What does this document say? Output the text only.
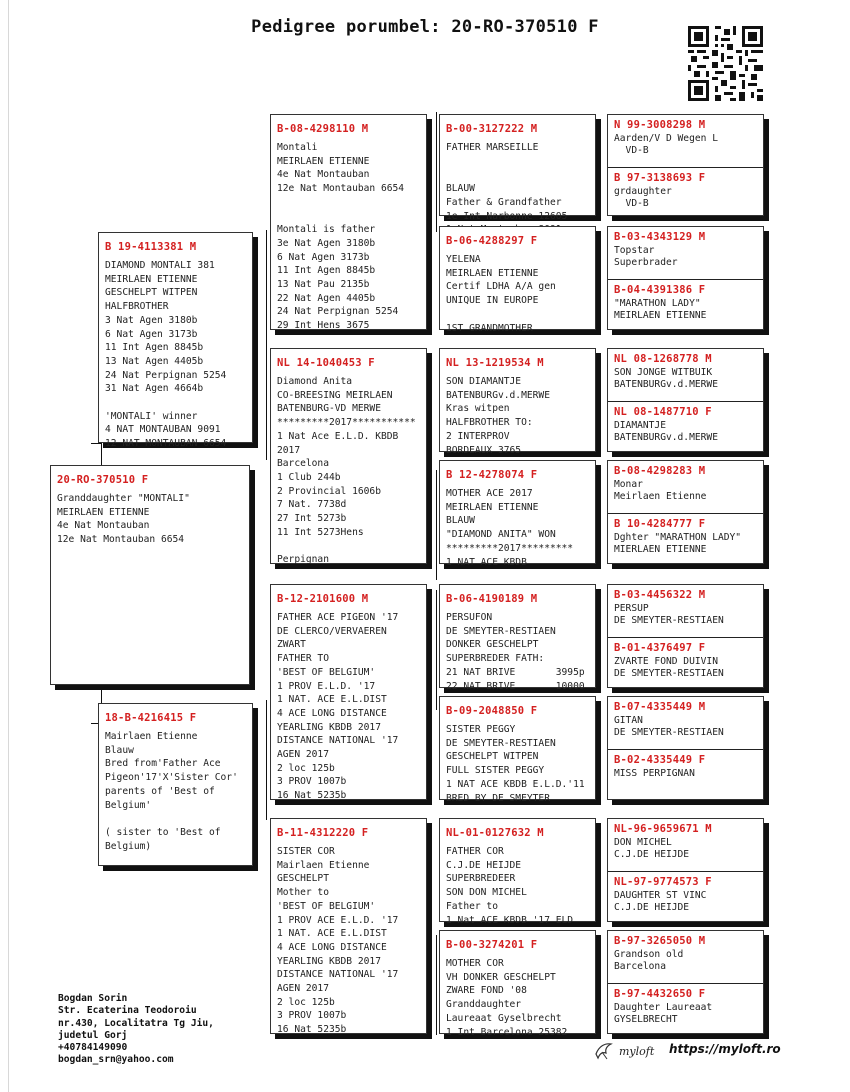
Pedigree porumbel: 20-RO-370510 F
20-RO-370510 F
Granddaughter "MONTALI"
MEIRLAEN ETIENNE
4e Nat Montauban
12e Nat Montauban 6654
B 19-4113381 M
DIAMOND MONTALI 381
MEIRLAEN ETIENNE
GESCHELPT WITPEN
HALFBROTHER
3 Nat Agen 3180b
6 Nat Agen 3173b
11 Int Agen 8845b
13 Nat Agen 4405b
24 Nat Perpignan 5254
31 Nat Agen 4664b

'MONTALI' winner
4 NAT MONTAUBAN 9091
12 NAT MONTAUBAN 6654
18-B-4216415 F
Mairlaen Etienne
Blauw
Bred from'Father Ace
Pigeon'17'X'Sister Cor'
parents of 'Best of
Belgium'

( sister to 'Best of
Belgium)
B-08-4298110 M
Montali
MEIRLAEN ETIENNE
4e Nat Montauban
12e Nat Montauban 6654

Montali is father
3e Nat Agen 3180b
6 Nat Agen 3173b
11 Int Agen 8845b
13 Nat Pau 2135b
22 Nat Agen 4405b
24 Nat Perpignan 5254
29 Int Hens 3675
NL 14-1040453 F
Diamond Anita
CO-BREESING MEIRLAEN
BATENBURG-VD MERWE
*********2017***********
1 Nat Ace E.L.D. KBDB
2017
Barcelona
1 Club 244b
2 Provincial 1606b
7 Nat. 7738d
27 Int 5273b
11 Int 5273Hens

Perpignan
B-12-2101600 M
FATHER ACE PIGEON '17
DE CLERCO/VERVAEREN
ZWART
FATHER TO
'BEST OF BELGIUM'
1 PROV E.L.D. '17
1 NAT. ACE E.L.DIST
4 ACE LONG DISTANCE
YEARLING KBDB 2017
DISTANCE NATIONAL '17
AGEN 2017
2 loc 125b
3 PROV 1007b
16 Nat 5235b
B-11-4312220 F
SISTER COR
Mairlaen Etienne
GESCHELPT
Mother to
'BEST OF BELGIUM'
1 PROV ACE E.L.D. '17
1 NAT. ACE E.L.DIST
4 ACE LONG DISTANCE
YEARLING KBDB 2017
DISTANCE NATIONAL '17
AGEN 2017
2 loc 125b
3 PROV 1007b
16 Nat 5235b
B-00-3127222 M
FATHER MARSEILLE

BLAUW
Father & Grandfather
1e Int Narbonne 12605

B-06-4288297 F
YELENA
MEIRLAEN ETIENNE
Certif LDHA A/A gen
UNIQUE IN EUROPE

1ST GRANDMOTHER
NL 13-1219534 M
SON DIAMANTJE
BATENBURGv.d.MERWE
Kras witpen
HALFBROTHER TO:
2 INTERPROV
BORDEAUX 3765
B 12-4278074 F
MOTHER ACE 2017
MEIRLAEN ETIENNE
BLAUW
"DIAMOND ANITA" WON
*********2017*********
1 NAT ACE KBDB
B-06-4190189 M
PERSUFON
DE SMEYTER-RESTIAEN
DONKER GESCHELPT
SUPERBREDER FATH:
21 NAT BRIVE       3995p
22 NAT BRIVE       10000
B-09-2048850 F
SISTER PEGGY
DE SMEYTER-RESTIAEN
GESCHELPT WITPEN
FULL SISTER PEGGY
1 NAT ACE KBDB E.L.D.'11
BRED BY DE SMEYTER
NL-01-0127632 M
FATHER COR
C.J.DE HEIJDE
SUPERBREDEER
SON DON MICHEL
Father to
1 Nat ACE KBDB '17 ELD
B-00-3274201 F
MOTHER COR
VH DONKER GESCHELPT
ZWARE FOND '08
Granddaughter
Laureaat Gyselbrecht
1 Int Barcelona 25382
N 99-3008298 M
Aarden/V D Wegen L
VD-B
B 97-3138693 F
grdaughter
VD-B
B-03-4343129 M
Topstar
Superbrader
B-04-4391386 F
"MARATHON LADY"
MEIRLAEN ETIENNE
NL 08-1268778 M
SON JONGE WITBUIK
BATENBURGv.d.MERWE
NL 08-1487710 F
DIAMANTJE
BATENBURGv.d.MERWE
B-08-4298283 M
Monar
Meirlaen Etienne
B 10-4284777 F
Dghter "MARATHON LADY"
MIERLAEN ETIENNE
B-03-4456322 M
PERSUP
DE SMEYTER-RESTIAEN
B-01-4376497 F
ZVARTE FOND DUIVIN
DE SMEYTER-RESTIAEN
B-07-4335449 M
GITAN
DE SMEYTER-RESTIAEN
B-02-4335449 F
MISS PERPIGNAN
NL-96-9659671 M
DON MICHEL
C.J.DE HEIJDE
NL-97-9774573 F
DAUGHTER ST VINC
C.J.DE HEIJDE
B-97-3265050 M
Grandson old
Barcelona
B-97-4432650 F
Daughter Laureaat
GYSELBRECHT
Bogdan Sorin
Str. Ecaterina Teodoroiu
nr.430, Localitatra Tg Jiu,
judetul Gorj
+40784149090
bogdan_srn@yahoo.com
myloft https://myloft.ro
